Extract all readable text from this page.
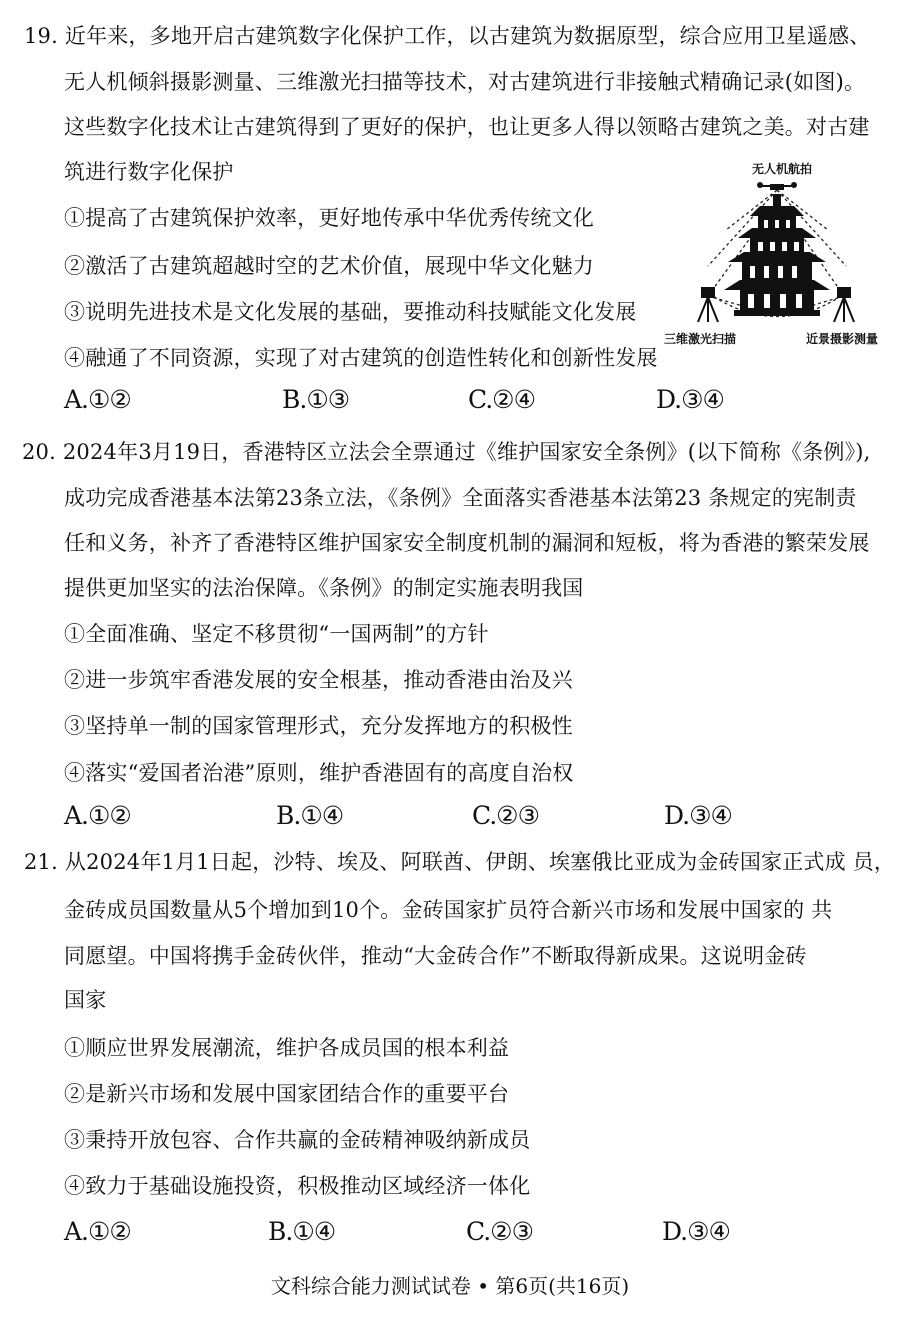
19. 近年来，多地开启古建筑数字化保护工作，以古建筑为数据原型，综合应用卫星遥感、
无人机倾斜摄影测量、三维激光扫描等技术，对古建筑进行非接触式精确记录(如图)。
这些数字化技术让古建筑得到了更好的保护，也让更多人得以领略古建筑之美。对古建
筑进行数字化保护
①提高了古建筑保护效率，更好地传承中华优秀传统文化
②激活了古建筑超越时空的艺术价值，展现中华文化魅力
③说明先进技术是文化发展的基础，要推动科技赋能文化发展
④融通了不同资源，实现了对古建筑的创造性转化和创新性发展
A.①②	B.①③	C.②④	D.③④
无人机航拍
三维激光扫描	近景摄影测量
20. 2024年3月19日，香港特区立法会全票通过《维护国家安全条例》(以下简称《条例》),
成功完成香港基本法第23条立法，《条例》全面落实香港基本法第23 条规定的宪制责
任和义务，补齐了香港特区维护国家安全制度机制的漏洞和短板，将为香港的繁荣发展
提供更加坚实的法治保障。《条例》的制定实施表明我国
①全面准确、坚定不移贯彻“一国两制”的方针
②进一步筑牢香港发展的安全根基，推动香港由治及兴
③坚持单一制的国家管理形式，充分发挥地方的积极性
④落实“爱国者治港”原则，维护香港固有的高度自治权
A.①②	B.①④	C.②③	D.③④
21. 从2024年1月1日起，沙特、埃及、阿联酋、伊朗、埃塞俄比亚成为金砖国家正式成 员，
金砖成员国数量从5个增加到10个。金砖国家扩员符合新兴市场和发展中国家的 共
同愿望。中国将携手金砖伙伴，推动“大金砖合作”不断取得新成果。这说明金砖
国家
①顺应世界发展潮流，维护各成员国的根本利益
②是新兴市场和发展中国家团结合作的重要平台
③秉持开放包容、合作共赢的金砖精神吸纳新成员
④致力于基础设施投资，积极推动区域经济一体化
A.①②	B.①④	C.②③	D.③④
文科综合能力测试试卷 • 第6页(共16页)
